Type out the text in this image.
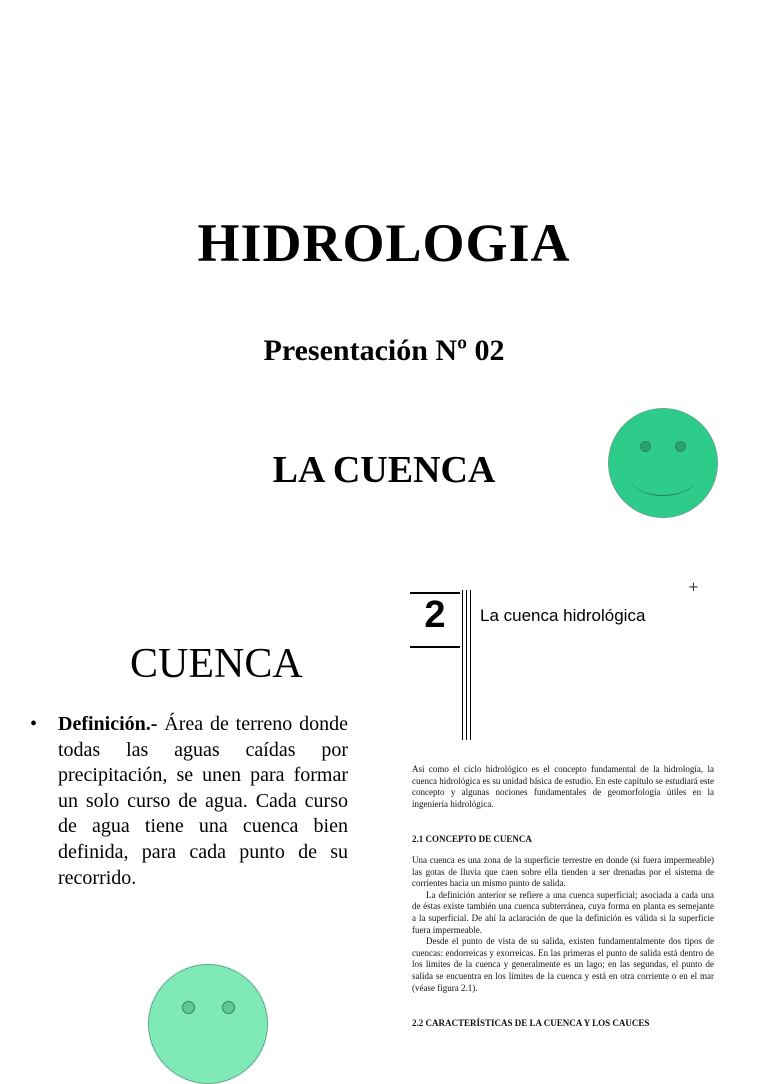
HIDROLOGIA
Presentación Nº 02
LA CUENCA
CUENCA
• Definición.- Área de terreno donde todas las aguas caídas por precipitación, se unen para formar un solo curso de agua. Cada curso de agua tiene una cuenca bien definida, para cada punto de su recorrido.
2	La cuenca hidrológica
+
Así como el ciclo hidrológico es el concepto fundamental de la hidrología, la cuenca hidrológica es su unidad básica de estudio. En este capítulo se estudiará este concepto y algunas nociones fundamentales de geomorfología útiles en la ingeniería hidrológica.
2.1 CONCEPTO DE CUENCA
Una cuenca es una zona de la superficie terrestre en donde (si fuera impermeable) las gotas de lluvia que caen sobre ella tienden a ser drenadas por el sistema de corrientes hacia un mismo punto de salida.
La definición anterior se refiere a una cuenca superficial; asociada a cada una de éstas existe también una cuenca subterránea, cuya forma en planta es semejante a la superficial. De ahí la aclaración de que la definición es válida si la superficie fuera impermeable.
Desde el punto de vista de su salida, existen fundamentalmente dos tipos de cuencas: endorreicas y exorreicas. En las primeras el punto de salida está dentro de los límites de la cuenca y generalmente es un lago; en las segundas, el punto de salida se encuentra en los límites de la cuenca y está en otra corriente o en el mar (véase figura 2.1).
2.2 CARACTERÍSTICAS DE LA CUENCA Y LOS CAUCES
